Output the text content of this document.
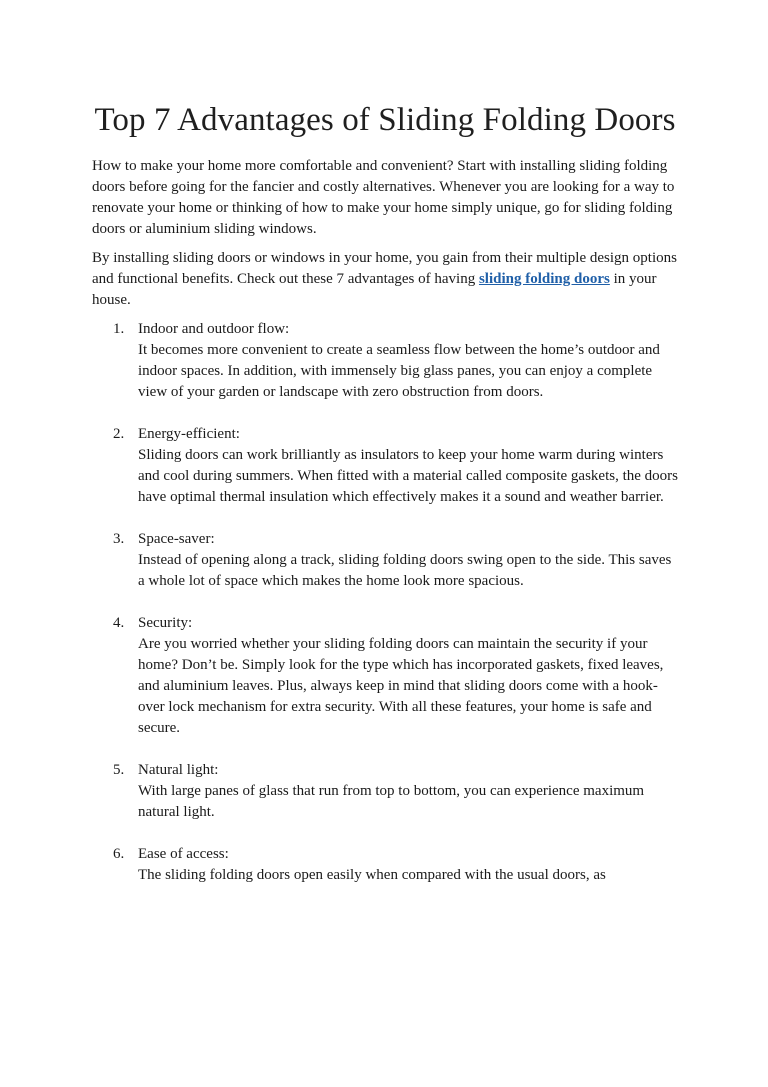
Top 7 Advantages of Sliding Folding Doors

How to make your home more comfortable and convenient? Start with installing sliding folding doors before going for the fancier and costly alternatives. Whenever you are looking for a way to renovate your home or thinking of how to make your home simply unique, go for sliding folding doors or aluminium sliding windows.

By installing sliding doors or windows in your home, you gain from their multiple design options and functional benefits. Check out these 7 advantages of having sliding folding doors in your house.

1. Indoor and outdoor flow:
It becomes more convenient to create a seamless flow between the home’s outdoor and indoor spaces. In addition, with immensely big glass panes, you can enjoy a complete view of your garden or landscape with zero obstruction from doors.
2. Energy-efficient:
Sliding doors can work brilliantly as insulators to keep your home warm during winters and cool during summers. When fitted with a material called composite gaskets, the doors have optimal thermal insulation which effectively makes it a sound and weather barrier.
3. Space-saver:
Instead of opening along a track, sliding folding doors swing open to the side. This saves a whole lot of space which makes the home look more spacious.
4. Security:
Are you worried whether your sliding folding doors can maintain the security if your home? Don’t be. Simply look for the type which has incorporated gaskets, fixed leaves, and aluminium leaves. Plus, always keep in mind that sliding doors come with a hook-over lock mechanism for extra security. With all these features, your home is safe and secure.
5. Natural light:
With large panes of glass that run from top to bottom, you can experience maximum natural light.
6. Ease of access:
The sliding folding doors open easily when compared with the usual doors, as
